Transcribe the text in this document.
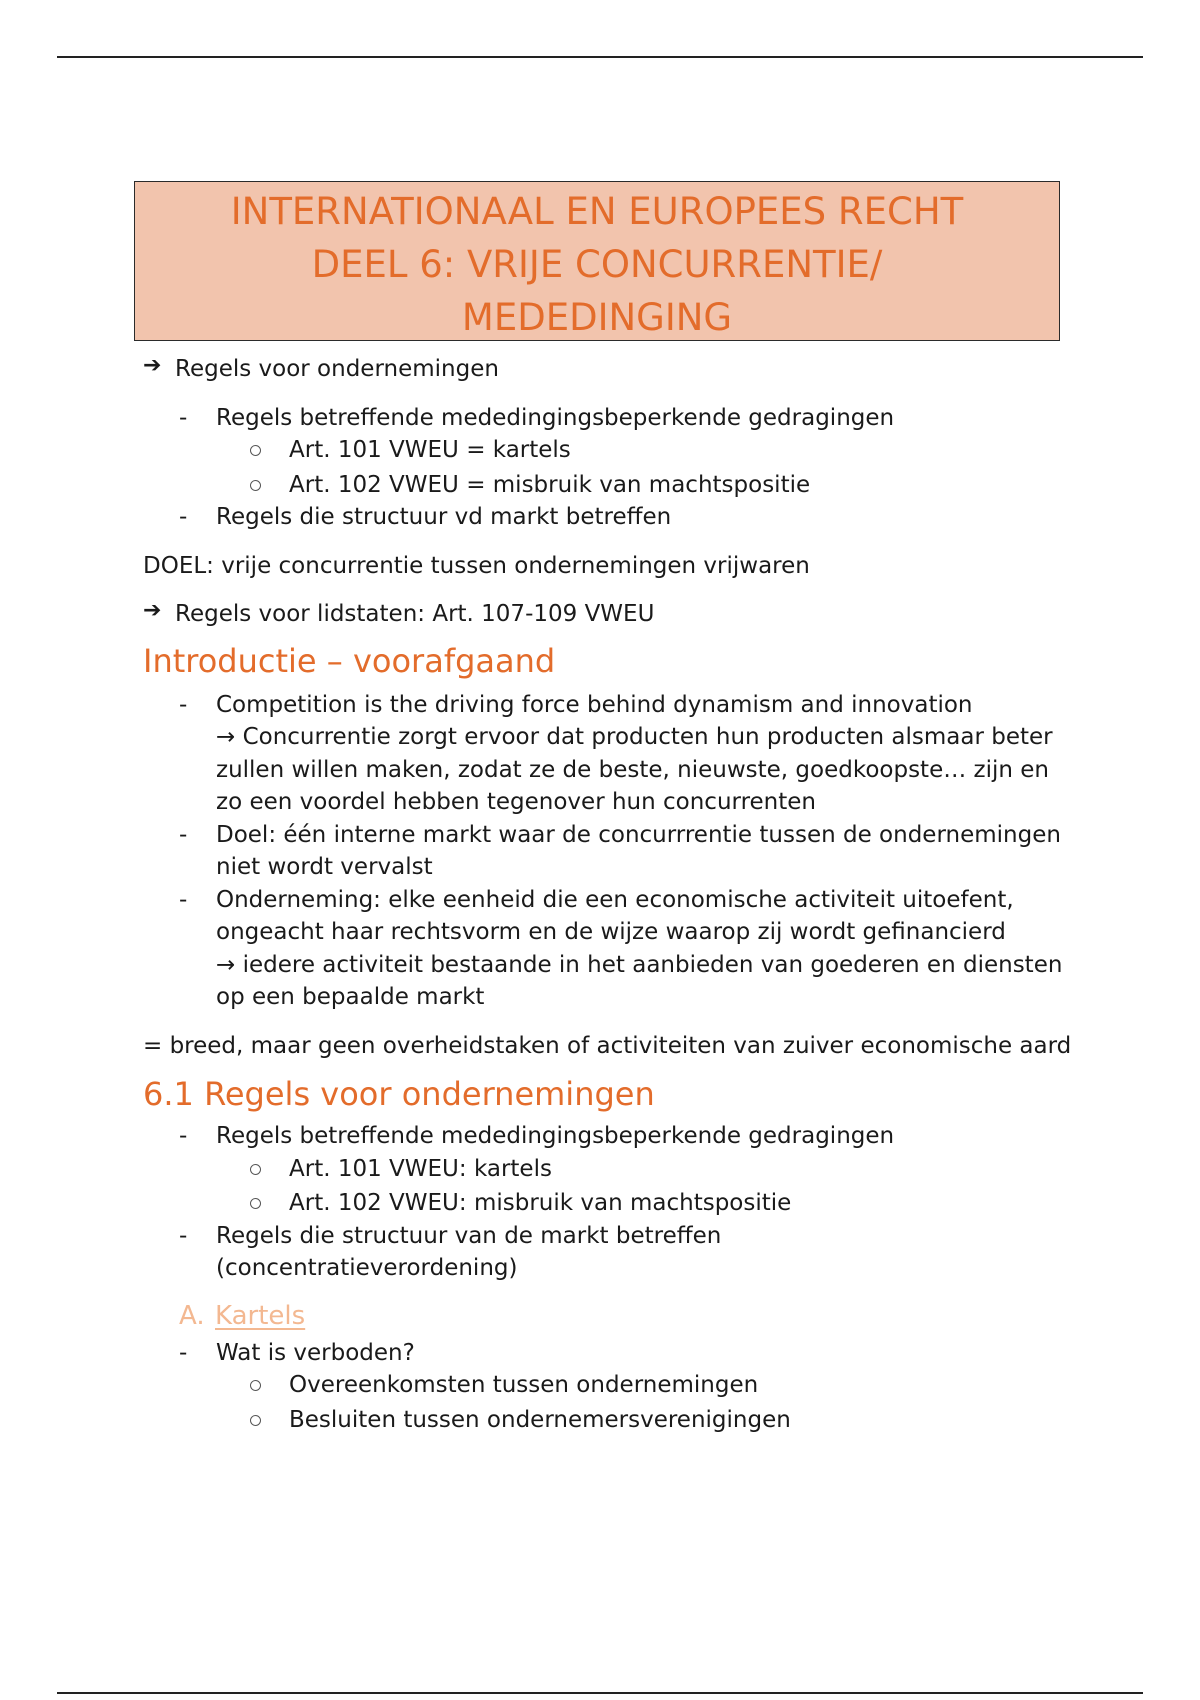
INTERNATIONAAL EN EUROPEES RECHT
DEEL 6: VRIJE CONCURRENTIE/
MEDEDINGING
➔ Regels voor ondernemingen

- Regels betreffende mededingingsbeperkende gedragingen
Art. 101 VWEU = kartels
Art. 102 VWEU = misbruik van machtspositie
- Regels die structuur vd markt betreffen

DOEL: vrije concurrentie tussen ondernemingen vrijwaren

➔ Regels voor lidstaten: Art. 107-109 VWEU

Introductie – voorafgaand
- Competition is the driving force behind dynamism and innovation
→ Concurrentie zorgt ervoor dat producten hun producten alsmaar beter zullen willen maken, zodat ze de beste, nieuwste, goedkoopste… zijn en zo een voordel hebben tegenover hun concurrenten
- Doel: één interne markt waar de concurrrentie tussen de ondernemingen niet wordt vervalst
- Onderneming: elke eenheid die een economische activiteit uitoefent, ongeacht haar rechtsvorm en de wijze waarop zij wordt gefinancierd
→ iedere activiteit bestaande in het aanbieden van goederen en diensten op een bepaalde markt

= breed, maar geen overheidstaken of activiteiten van zuiver economische aard

6.1 Regels voor ondernemingen
- Regels betreffende mededingingsbeperkende gedragingen
Art. 101 VWEU: kartels
Art. 102 VWEU: misbruik van machtspositie
- Regels die structuur van de markt betreffen (concentratieverordening)
A. Kartels
- Wat is verboden?
Overeenkomsten tussen ondernemingen
Besluiten tussen ondernemersverenigingen
